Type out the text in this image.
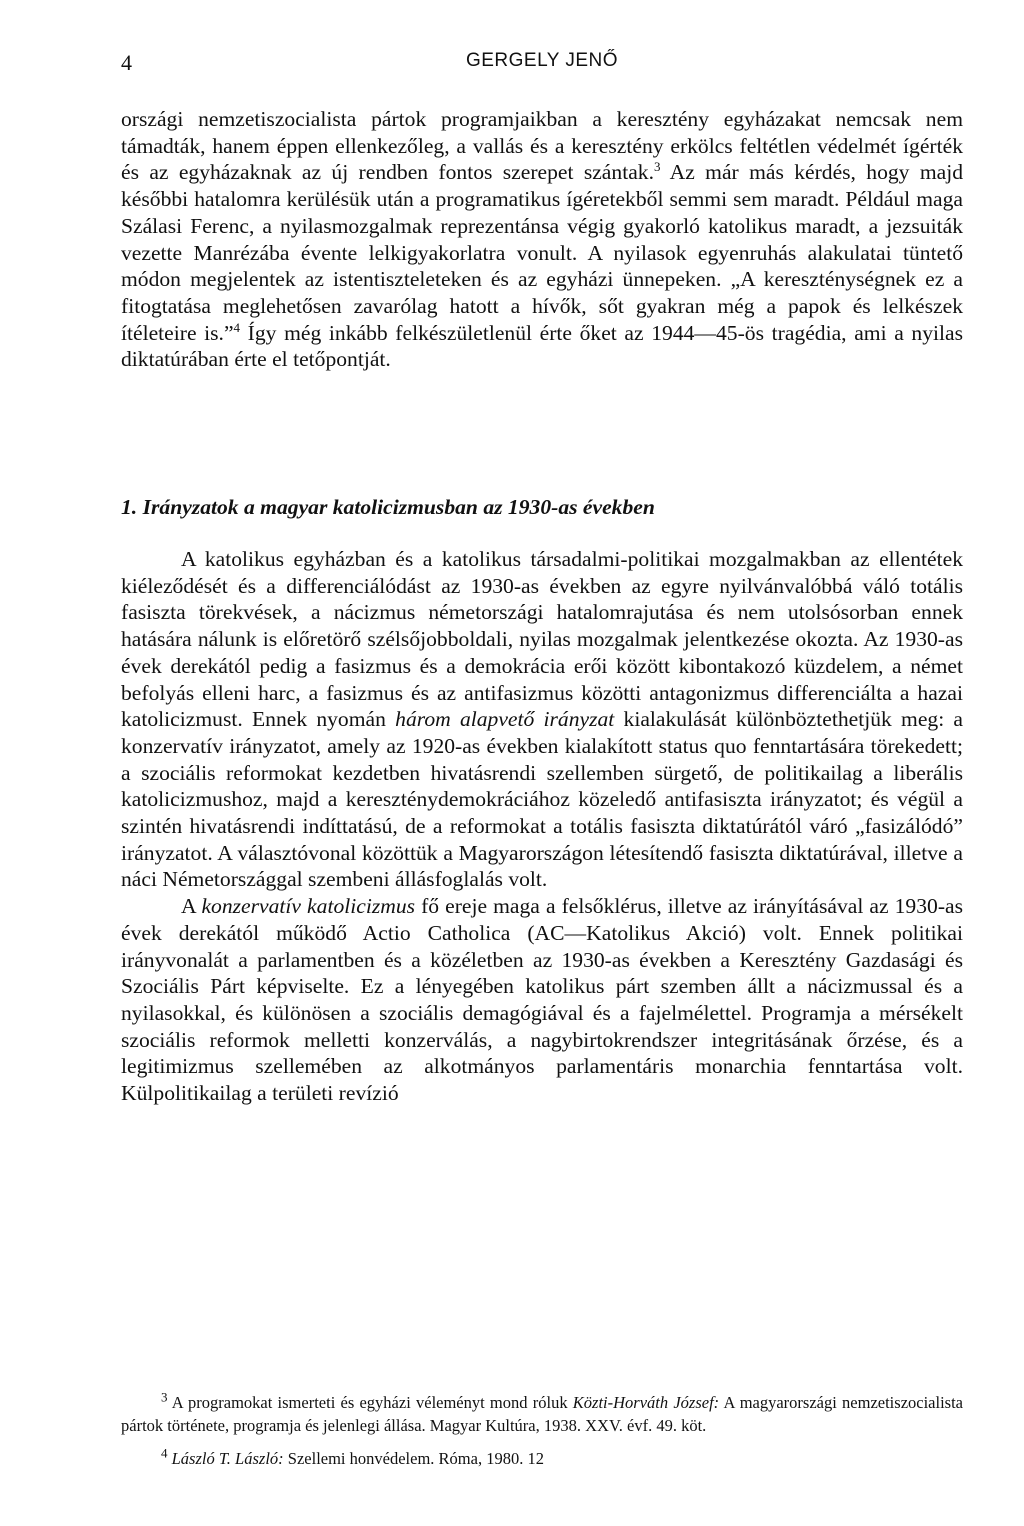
4	GERGELY JENŐ

országi nemzetiszocialista pártok programjaikban a keresztény egyházakat nemcsak nem támadták, hanem éppen ellenkezőleg, a vallás és a keresztény erkölcs feltétlen védelmét ígérték és az egyházaknak az új rendben fontos szerepet szántak.$^3$ Az már más kérdés, hogy majd későbbi hatalomra kerülésük után a programatikus ígéretekből semmi sem maradt. Például maga Szálasi Ferenc, a nyilasmozgalmak reprezentánsa végig gyakorló katolikus maradt, a jezsuiták vezette Manrézába évente lelkigyakorlatra vonult. A nyilasok egyenruhás alakulatai tüntető módon megjelentek az istentiszteleteken és az egyházi ünnepeken. „A kereszténységnek ez a fitogtatása meglehetősen zavarólag hatott a hívők, sőt gyakran még a papok és lelkészek ítéleteire is.”$^4$ Így még inkább felkészületlenül érte őket az 1944—45-ös tragédia, ami a nyilas diktatúrában érte el tetőpontját.

1. Irányzatok a magyar katolicizmusban az 1930-as években

A katolikus egyházban és a katolikus társadalmi-politikai mozgalmakban az ellentétek kiéleződését és a differenciálódást az 1930-as években az egyre nyilvánvalóbbá váló totális fasiszta törekvések, a nácizmus németországi hatalomrajutása és nem utolsósorban ennek hatására nálunk is előretörő szélsőjobboldali, nyilas mozgalmak jelentkezése okozta. Az 1930-as évek derekától pedig a fasizmus és a demokrácia erői között kibontakozó küzdelem, a német befolyás elleni harc, a fasizmus és az antifasizmus közötti antagonizmus differenciálta a hazai katolicizmust. Ennek nyomán három alapvető irányzat kialakulását különböztethetjük meg: a konzervatív irányzatot, amely az 1920-as években kialakított status quo fenntartására törekedett; a szociális reformokat kezdetben hivatásrendi szellemben sürgető, de politikailag a liberális katolicizmushoz, majd a kereszténydemokráciához közeledő antifasiszta irányzatot; és végül a szintén hivatásrendi indíttatású, de a reformokat a totális fasiszta diktatúrától váró „fasizálódó” irányzatot. A választóvonal közöttük a Magyarországon létesítendő fasiszta diktatúrával, illetve a náci Németországgal szembeni állásfoglalás volt.

A konzervatív katolicizmus fő ereje maga a felsőklérus, illetve az irányításával az 1930-as évek derekától működő Actio Catholica (AC—Katolikus Akció) volt. Ennek politikai irányvonalát a parlamentben és a közéletben az 1930-as években a Keresztény Gazdasági és Szociális Párt képviselte. Ez a lényegében katolikus párt szemben állt a nácizmussal és a nyilasokkal, és különösen a szociális demagógiával és a fajelmélettel. Programja a mérsékelt szociális reformok melletti konzerválás, a nagybirtokrendszer integritásának őrzése, és a legitimizmus szellemében az alkotmányos parlamentáris monarchia fenntartása volt. Külpolitikailag a területi revízió

$^3$ A programokat ismerteti és egyházi véleményt mond róluk Közti-Horváth József: A magyarországi nemzetiszocialista pártok története, programja és jelenlegi állása. Magyar Kultúra, 1938. XXV. évf. 49. köt.

$^4$ László T. László: Szellemi honvédelem. Róma, 1980. 12
